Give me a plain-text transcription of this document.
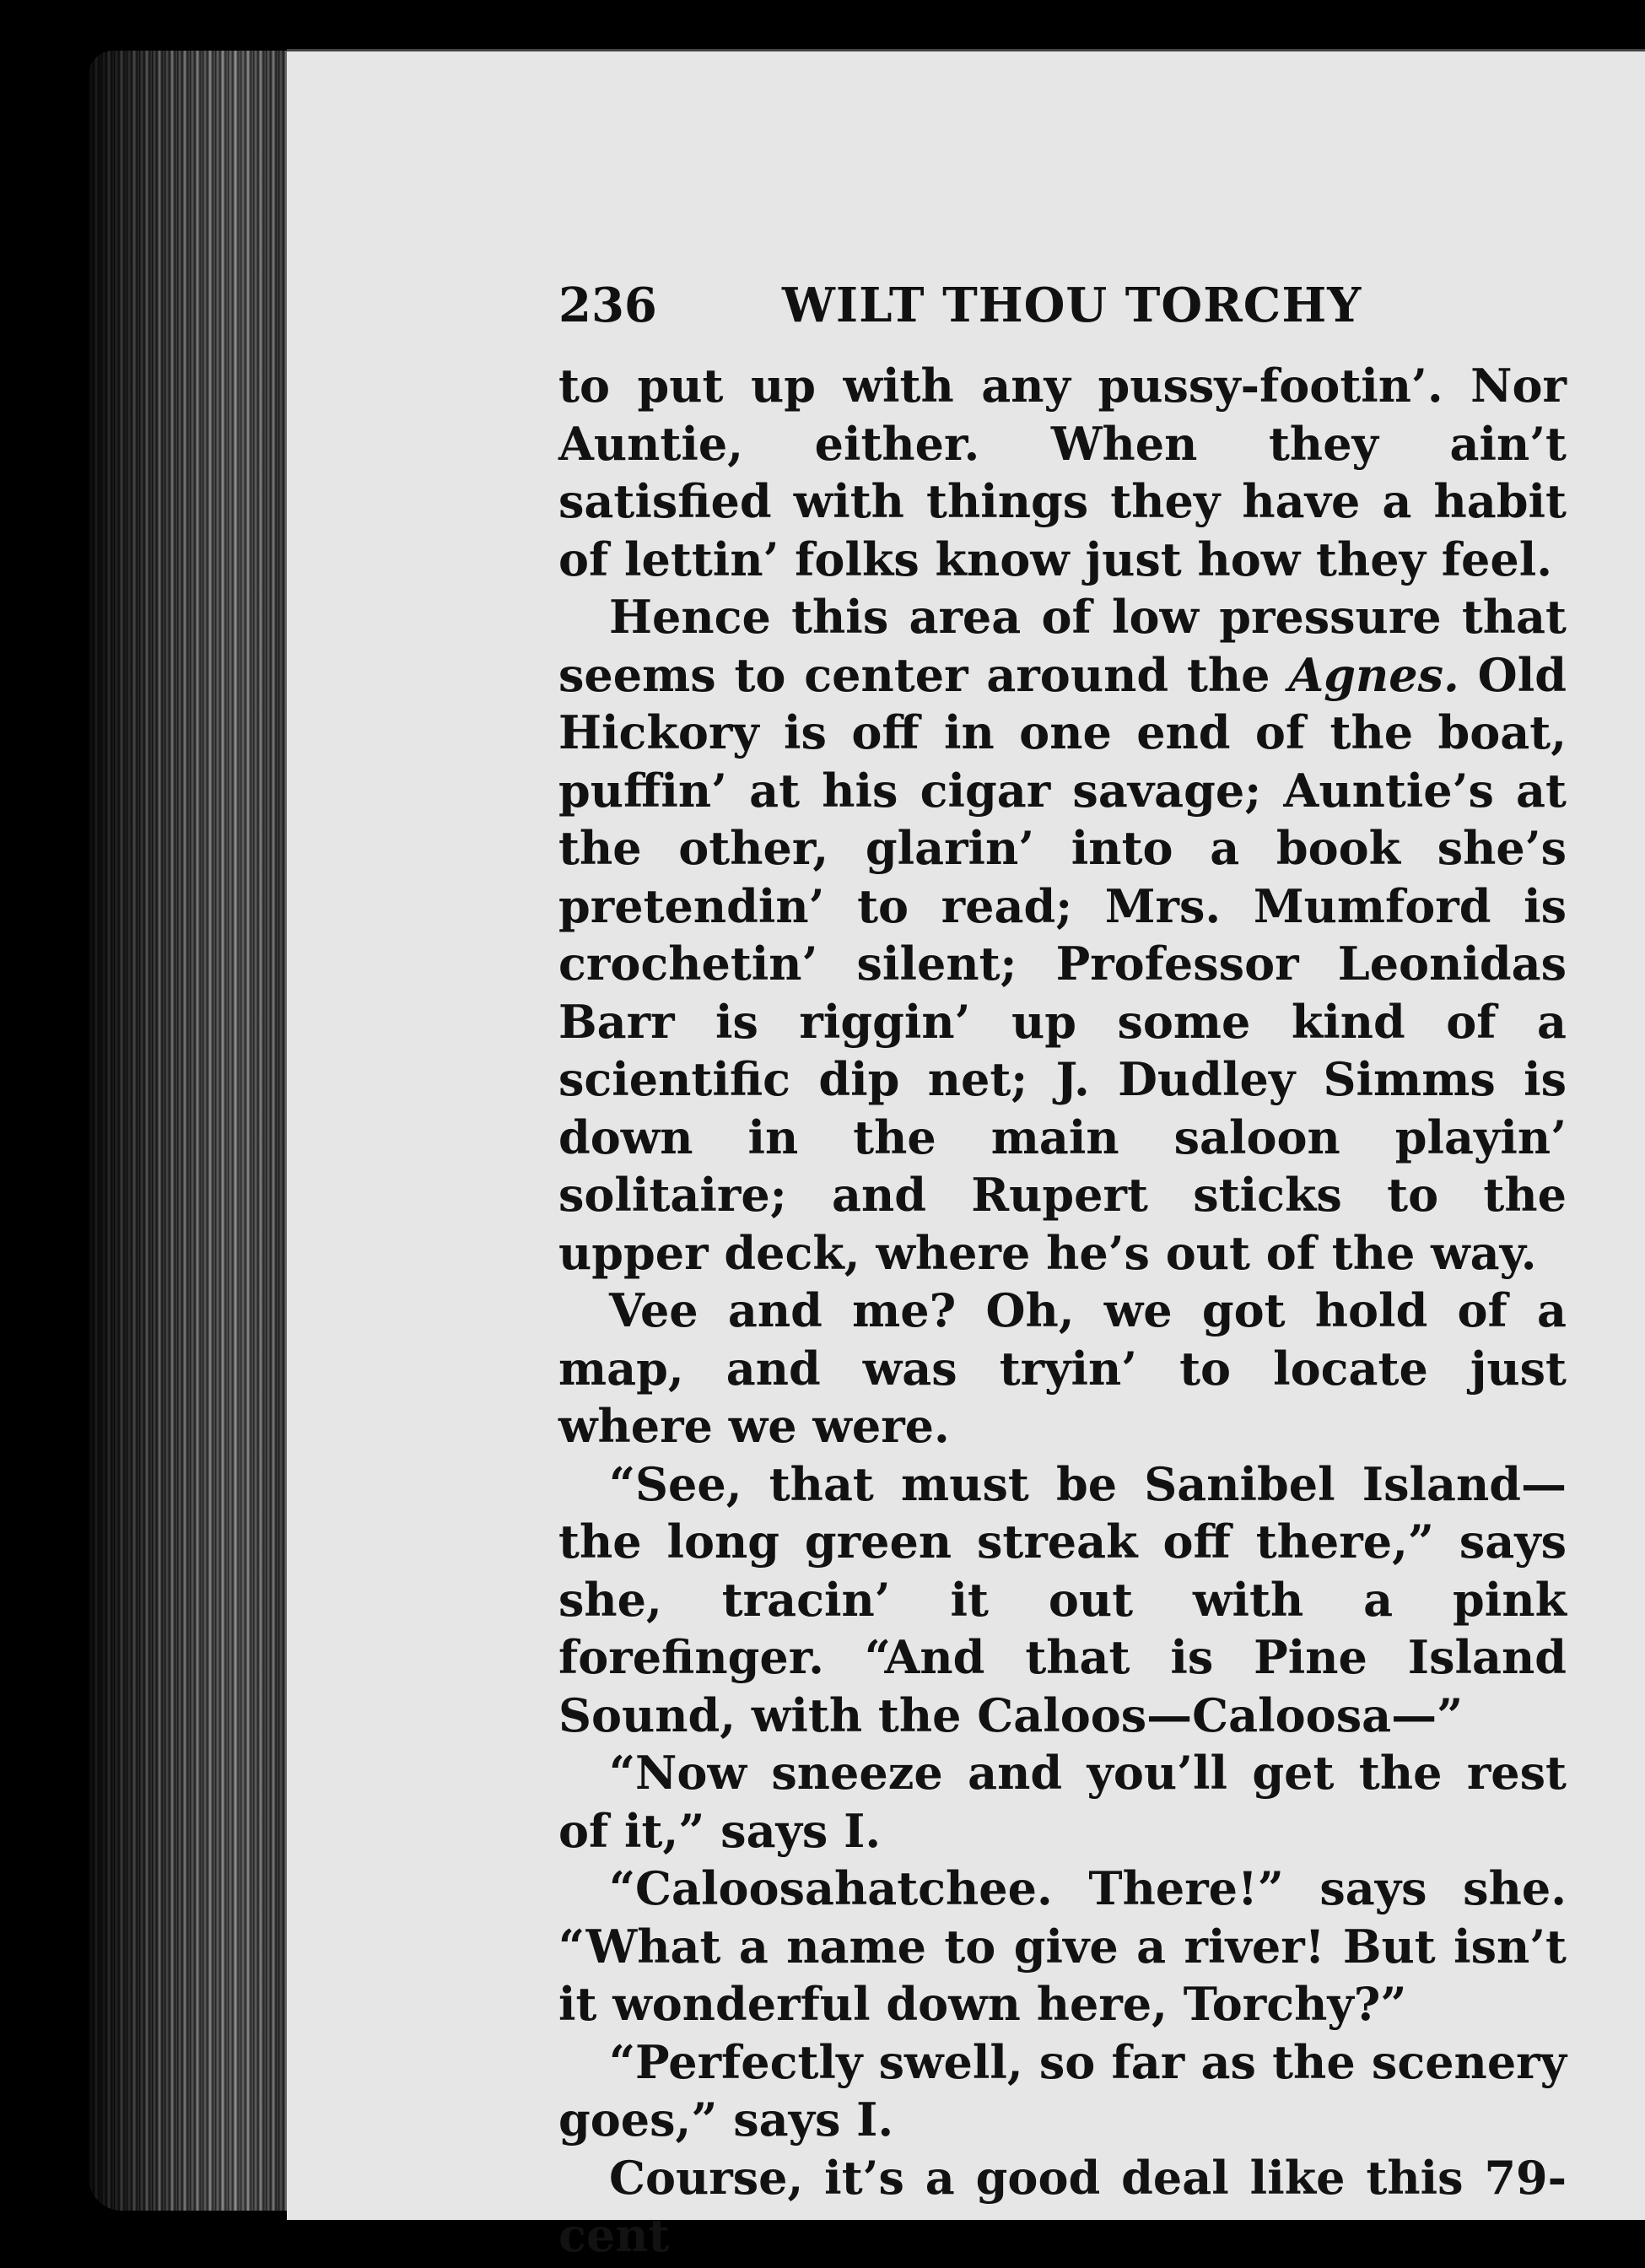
236	WILT THOU TORCHY

to put up with any pussy-footin’. Nor Auntie, either. When they ain’t satisfied with things they have a habit of lettin’ folks know just how they feel.

Hence this area of low pressure that seems to center around the Agnes. Old Hickory is off in one end of the boat, puffin’ at his cigar savage; Auntie’s at the other, glarin’ into a book she’s pretendin’ to read; Mrs. Mumford is crochetin’ silent; Professor Leonidas Barr is riggin’ up some kind of a scientific dip net; J. Dudley Simms is down in the main saloon playin’ solitaire; and Rupert sticks to the upper deck, where he’s out of the way.

Vee and me? Oh, we got hold of a map, and was tryin’ to locate just where we were.

“See, that must be Sanibel Island—the long green streak off there,” says she, tracin’ it out with a pink forefinger. “And that is Pine Island Sound, with the Caloos—Caloosa—”

“Now sneeze and you’ll get the rest of it,” says I.

“Caloosahatchee. There!” says she. “What a name to give a river! But isn’t it wonderful down here, Torchy?”

“Perfectly swell, so far as the scenery goes,” says I.

Course, it’s a good deal like this 79-cent
